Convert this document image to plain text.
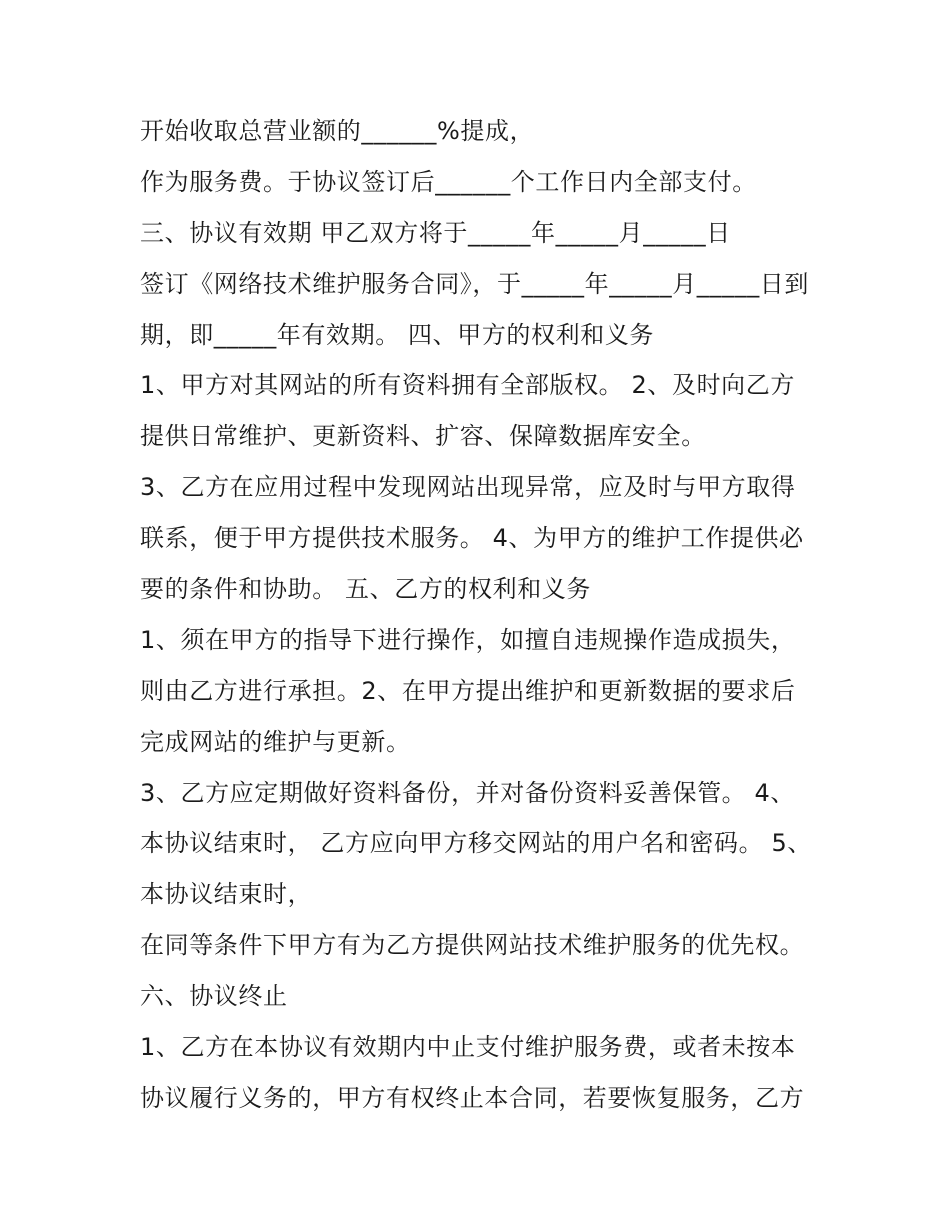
开始收取总营业额的______%提成，
作为服务费。于协议签订后______个工作日内全部支付。
三、协议有效期 甲乙双方将于_____年_____月_____日
签订《网络技术维护服务合同》，于_____年_____月_____日到
期，即_____年有效期。 四、甲方的权利和义务
1、甲方对其网站的所有资料拥有全部版权。 2、及时向乙方
提供日常维护、更新资料、扩容、保障数据库安全。
3、乙方在应用过程中发现网站出现异常，应及时与甲方取得
联系，便于甲方提供技术服务。 4、为甲方的维护工作提供必
要的条件和协助。 五、乙方的权利和义务
1、须在甲方的指导下进行操作，如擅自违规操作造成损失，
则由乙方进行承担。2、在甲方提出维护和更新数据的要求后
完成网站的维护与更新。
3、乙方应定期做好资料备份，并对备份资料妥善保管。 4、
本协议结束时， 乙方应向甲方移交网站的用户名和密码。 5、
本协议结束时，
在同等条件下甲方有为乙方提供网站技术维护服务的优先权。
六、协议终止
1、乙方在本协议有效期内中止支付维护服务费，或者未按本
协议履行义务的，甲方有权终止本合同，若要恢复服务，乙方
